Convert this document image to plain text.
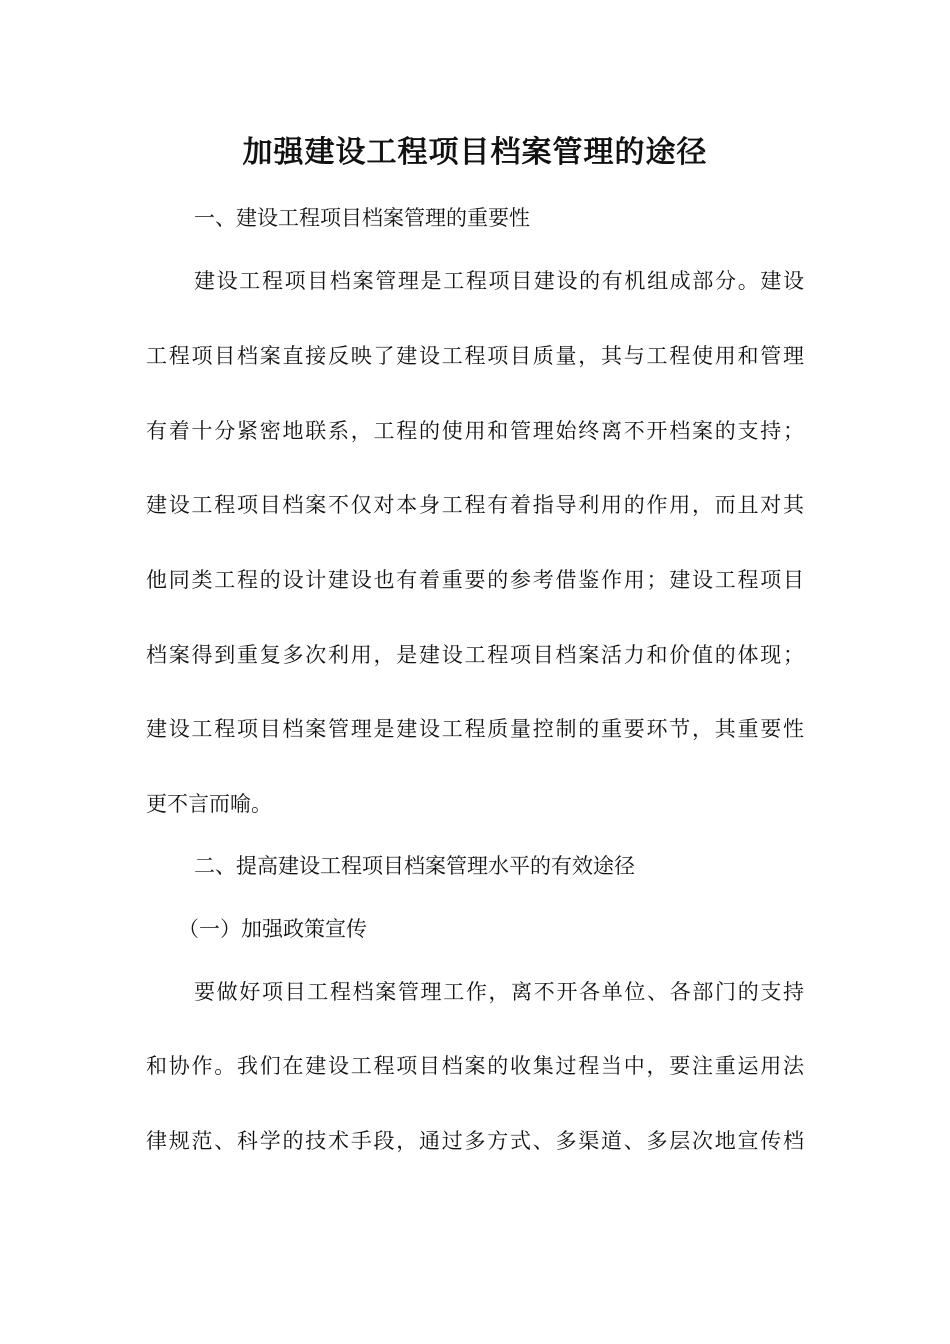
加强建设工程项目档案管理的途径
一、建设工程项目档案管理的重要性
建设工程项目档案管理是工程项目建设的有机组成部分。建设
工程项目档案直接反映了建设工程项目质量，其与工程使用和管理
有着十分紧密地联系，工程的使用和管理始终离不开档案的支持；
建设工程项目档案不仅对本身工程有着指导利用的作用，而且对其
他同类工程的设计建设也有着重要的参考借鉴作用；建设工程项目
档案得到重复多次利用，是建设工程项目档案活力和价值的体现；
建设工程项目档案管理是建设工程质量控制的重要环节，其重要性
更不言而喻。
二、提高建设工程项目档案管理水平的有效途径
（一）加强政策宣传
要做好项目工程档案管理工作，离不开各单位、各部门的支持
和协作。我们在建设工程项目档案的收集过程当中，要注重运用法
律规范、科学的技术手段，通过多方式、多渠道、多层次地宣传档
